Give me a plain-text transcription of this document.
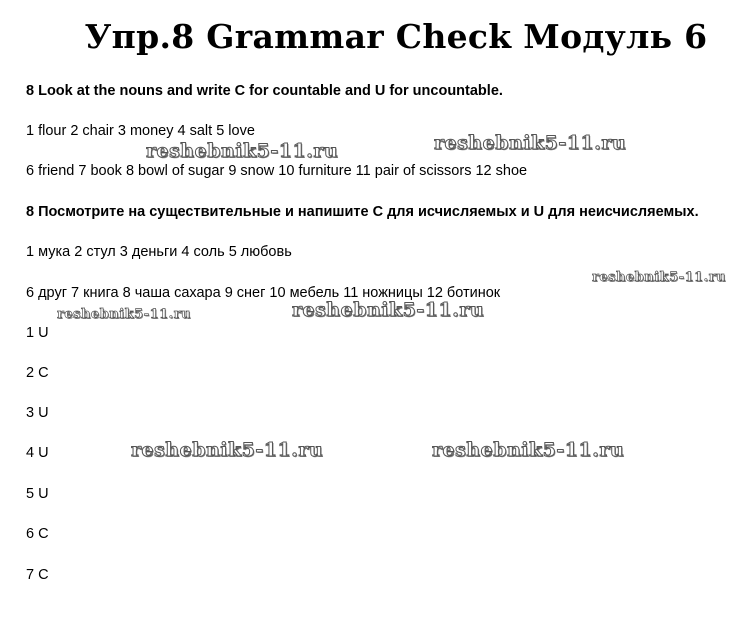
Упр.8 Grammar Check Модуль 6
8 Look at the nouns and write C for countable and U for uncountable.
1 flour 2 chair 3 money 4 salt 5 love
6 friend 7 book 8 bowl of sugar 9 snow 10 furniture 11 pair of scissors 12 shoe
8 Посмотрите на существительные и напишите С для исчисляемых и U для неисчисляемых.
1 мука 2 стул 3 деньги 4 соль 5 любовь
6 друг 7 книга 8 чаша сахара 9 снег 10 мебель 11 ножницы 12 ботинок
1 U
2 C
3 U
4 U
5 U
6 C
7 C
reshebnik5-11.ru	reshebnik5-11.ru
reshebnik5-11.ru
reshebnik5-11.ru	reshebnik5-11.ru
reshebnik5-11.ru	reshebnik5-11.ru
